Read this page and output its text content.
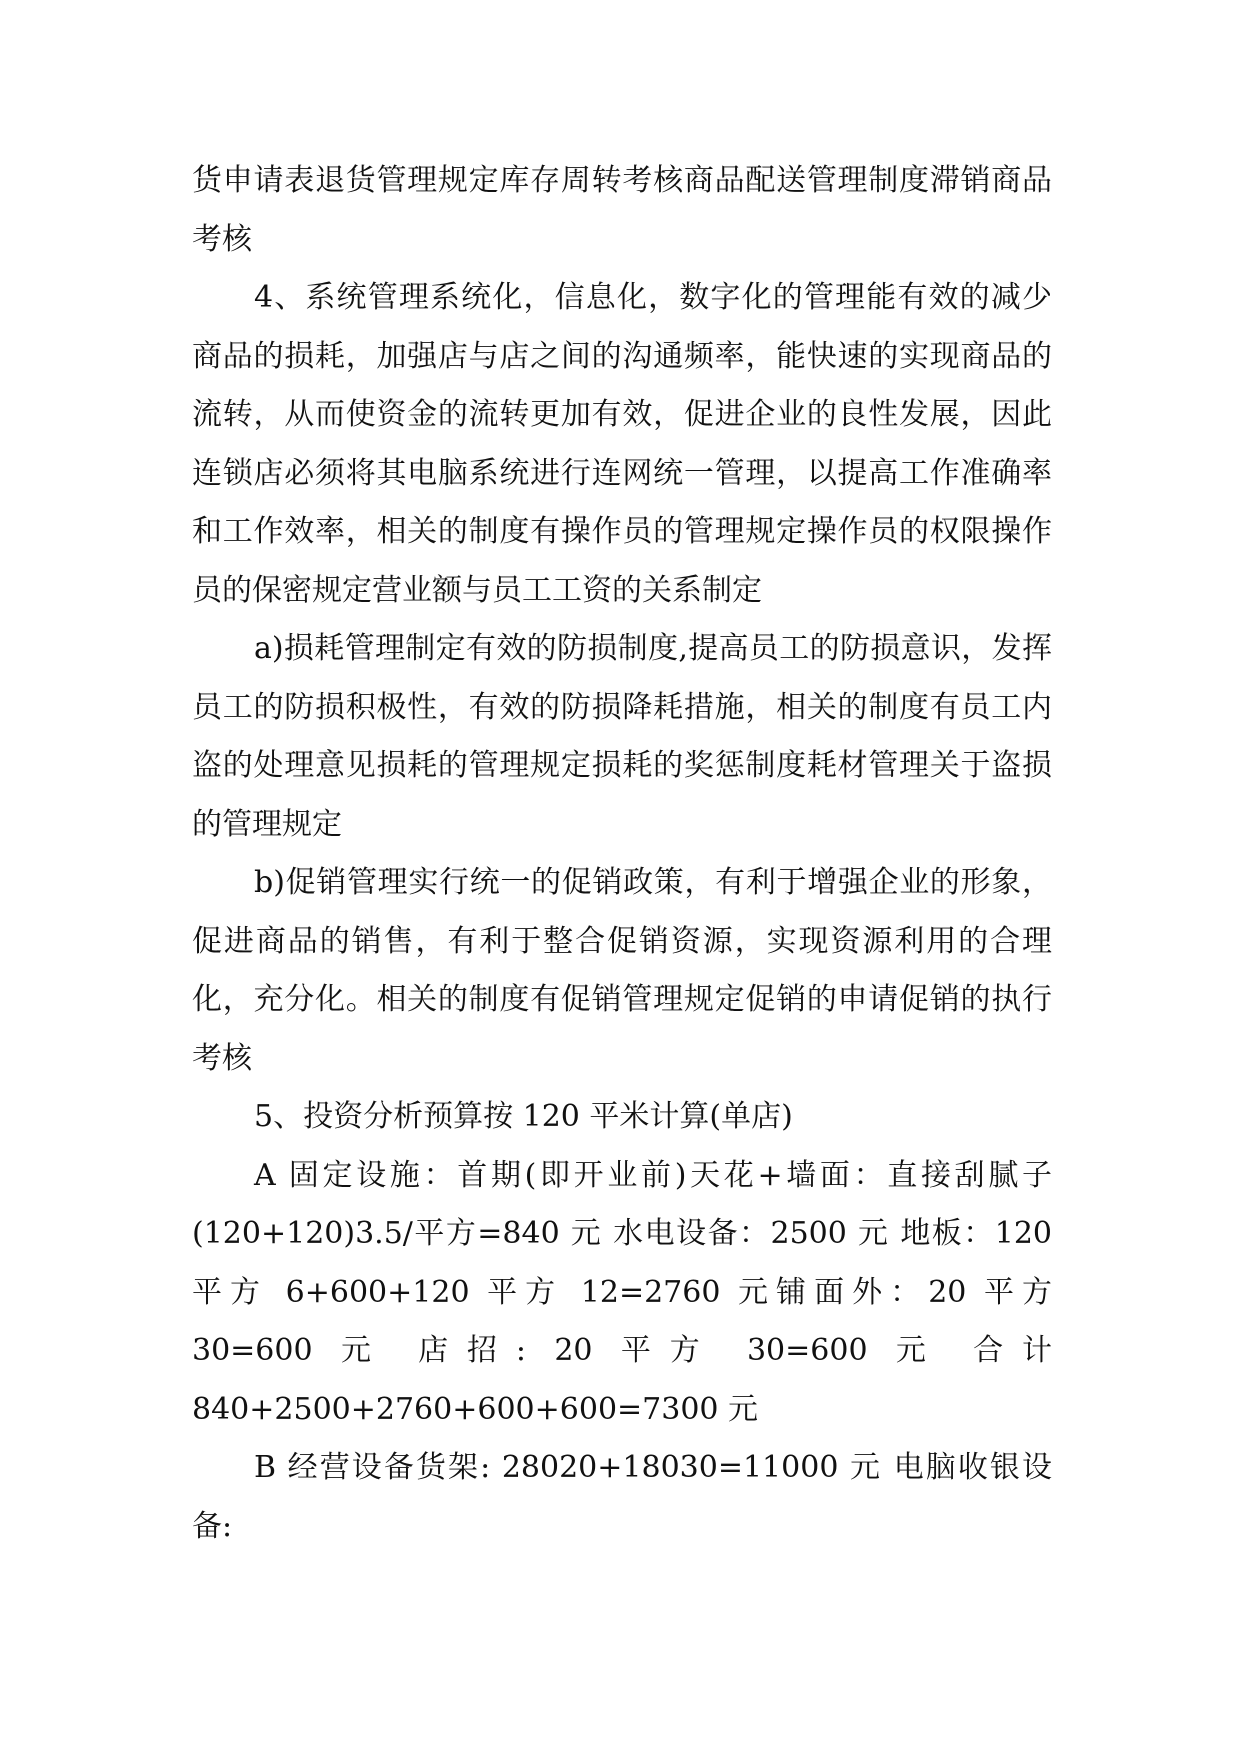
货申请表退货管理规定库存周转考核商品配送管理制度滞销商品考核

4、系统管理系统化，信息化，数字化的管理能有效的减少商品的损耗，加强店与店之间的沟通频率，能快速的实现商品的流转，从而使资金的流转更加有效，促进企业的良性发展，因此连锁店必须将其电脑系统进行连网统一管理，以提高工作准确率和工作效率，相关的制度有操作员的管理规定操作员的权限操作员的保密规定营业额与员工工资的关系制定

a)损耗管理制定有效的防损制度,提高员工的防损意识，发挥员工的防损积极性，有效的防损降耗措施，相关的制度有员工内盗的处理意见损耗的管理规定损耗的奖惩制度耗材管理关于盗损的管理规定

b)促销管理实行统一的促销政策，有利于增强企业的形象，促进商品的销售，有利于整合促销资源，实现资源利用的合理化，充分化。相关的制度有促销管理规定促销的申请促销的执行考核

5、投资分析预算按 120 平米计算(单店)

A 固定设施：首期(即开业前)天花+墙面：直接刮腻子(120+120)3.5/平方=840 元 水电设备：2500 元 地板：120 平方 6+600+120 平方 12=2760 元铺面外：20 平方 30=600 元 店招: 20 平方 30=600 元 合计 840+2500+2760+600+600=7300 元

B 经营设备货架: 28020+18030=11000 元 电脑收银设备:
